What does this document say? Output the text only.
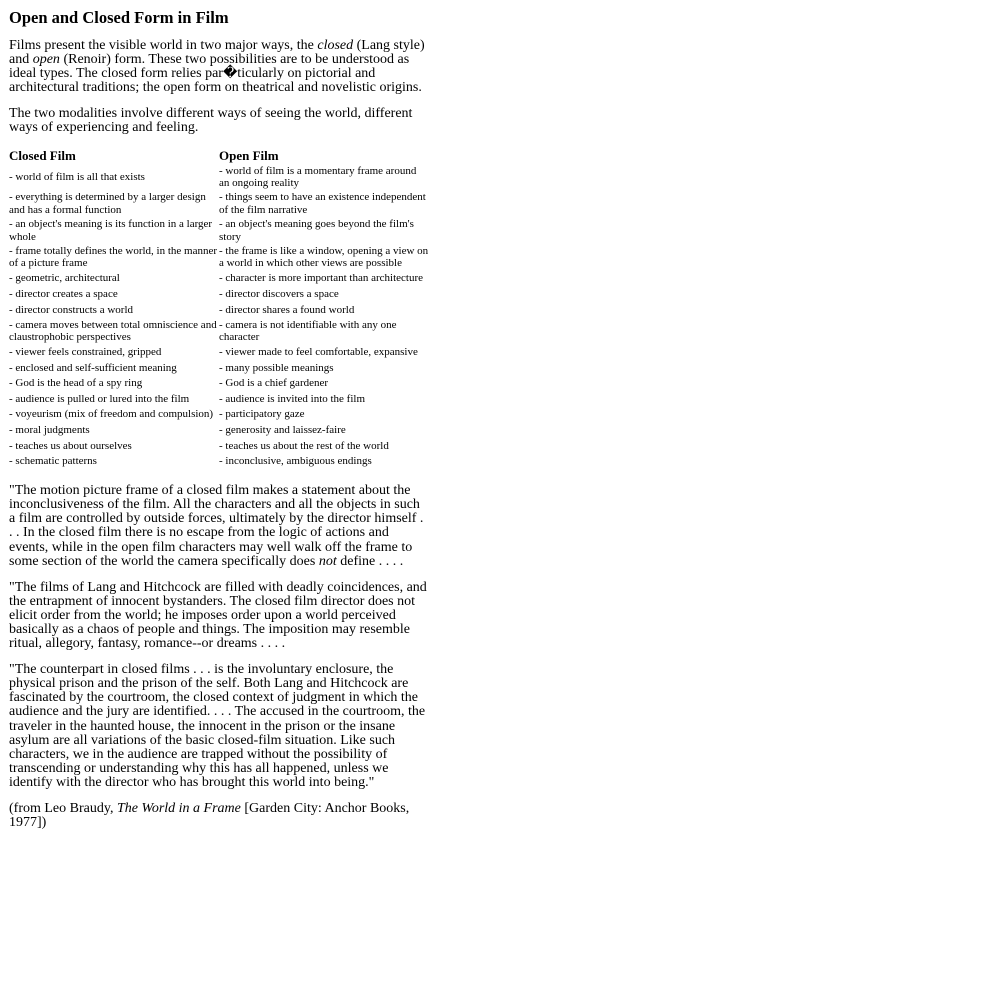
Open and Closed Form in Film

Films present the visible world in two major ways, the closed (Lang style) and open (Renoir) form. These two possibilities are to be understood as ideal types. The closed form relies par�ticularly on pictorial and architectural traditions; the open form on theatrical and novelistic origins.

The two modalities involve different ways of seeing the world, different ways of experiencing and feeling.

Closed Film	Open Film
- world of film is all that exists	- world of film is a momentary frame around an ongoing reality
- everything is determined by a larger design and has a formal function	- things seem to have an existence independent of the film narrative
- an object's meaning is its function in a larger whole	- an object's meaning goes beyond the film's story
- frame totally defines the world, in the manner of a picture frame	- the frame is like a window, opening a view on a world in which other views are possible
- geometric, architectural	- character is more important than architecture
- director creates a space	- director discovers a space
- director constructs a world	- director shares a found world
- camera moves between total omniscience and claustrophobic perspectives	- camera is not identifiable with any one character
- viewer feels constrained, gripped	- viewer made to feel comfortable, expansive
- enclosed and self-sufficient meaning	- many possible meanings
- God is the head of a spy ring	- God is a chief gardener
- audience is pulled or lured into the film	- audience is invited into the film
- voyeurism (mix of freedom and compulsion)	- participatory gaze
- moral judgments	- generosity and laissez-faire
- teaches us about ourselves	- teaches us about the rest of the world
- schematic patterns	- inconclusive, ambiguous endings

"The motion picture frame of a closed film makes a statement about the inconclusiveness of the film. All the characters and all the objects in such a film are controlled by outside forces, ultimately by the director himself . . . In the closed film there is no escape from the logic of actions and events, while in the open film characters may well walk off the frame to some section of the world the camera specifically does not define . . . .

"The films of Lang and Hitchcock are filled with deadly coincidences, and the entrapment of innocent bystanders. The closed film director does not elicit order from the world; he imposes order upon a world perceived basically as a chaos of people and things. The imposition may resemble ritual, allegory, fantasy, romance--or dreams . . . .

"The counterpart in closed films . . . is the involuntary enclosure, the physical prison and the prison of the self. Both Lang and Hitchcock are fascinated by the courtroom, the closed context of judgment in which the audience and the jury are identified. . . . The accused in the courtroom, the traveler in the haunted house, the innocent in the prison or the insane asylum are all variations of the basic closed-film situation. Like such characters, we in the audience are trapped without the possibility of transcending or understanding why this has all happened, unless we identify with the director who has brought this world into being."

(from Leo Braudy, The World in a Frame [Garden City: Anchor Books, 1977])
